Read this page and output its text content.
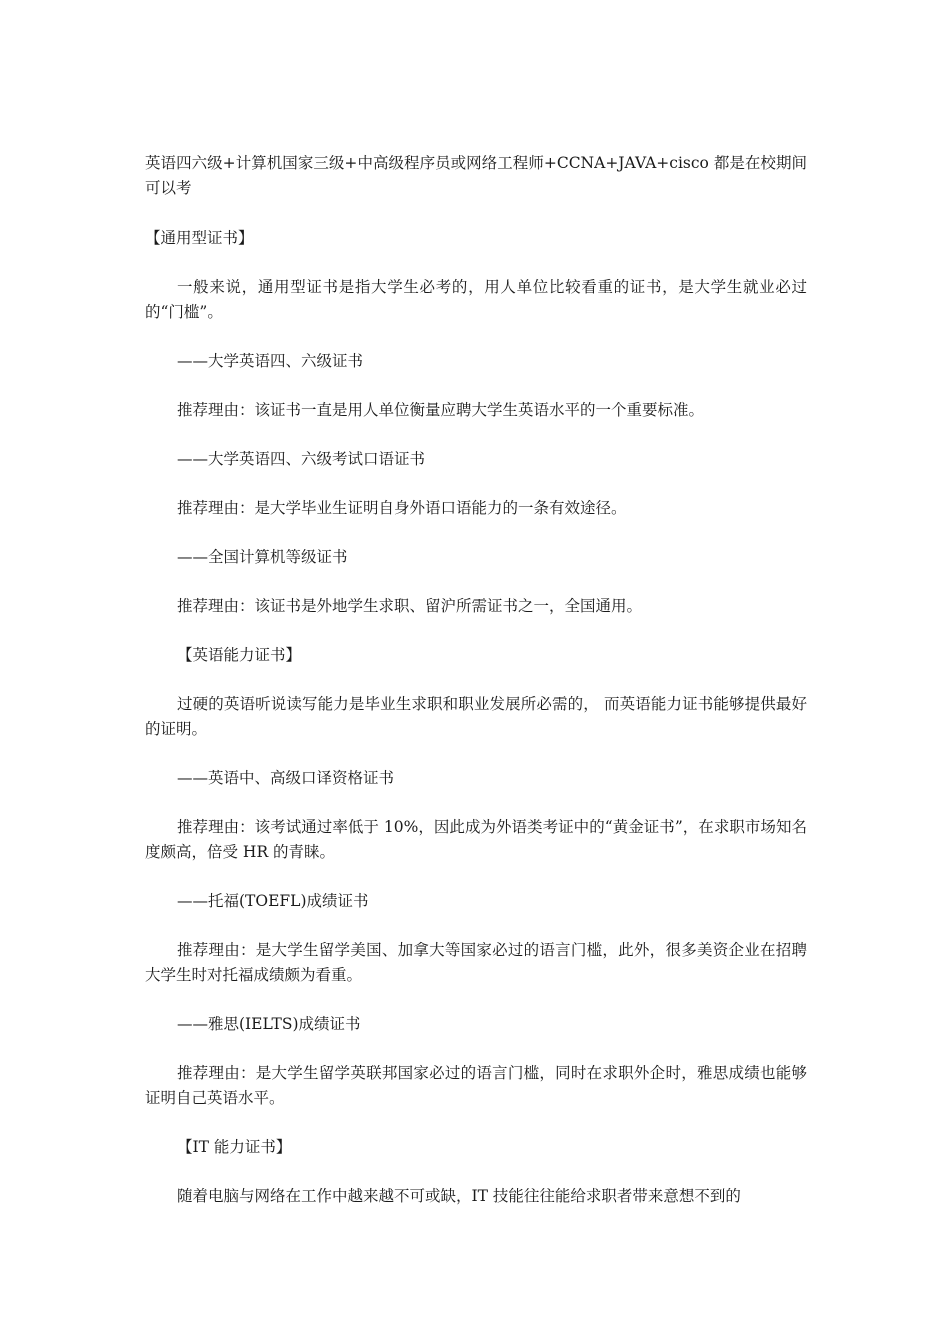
英语四六级+计算机国家三级+中高级程序员或网络工程师+CCNA+JAVA+cisco 都是在校期间可以考

【通用型证书】

一般来说，通用型证书是指大学生必考的，用人单位比较看重的证书，是大学生就业必过的“门槛”。

——大学英语四、六级证书

推荐理由：该证书一直是用人单位衡量应聘大学生英语水平的一个重要标准。

——大学英语四、六级考试口语证书

推荐理由：是大学毕业生证明自身外语口语能力的一条有效途径。

——全国计算机等级证书

推荐理由：该证书是外地学生求职、留沪所需证书之一，全国通用。

【英语能力证书】

过硬的英语听说读写能力是毕业生求职和职业发展所必需的， 而英语能力证书能够提供最好的证明。

——英语中、高级口译资格证书

推荐理由：该考试通过率低于 10%，因此成为外语类考证中的“黄金证书”，在求职市场知名度颇高，倍受 HR 的青睐。

——托福(TOEFL)成绩证书

推荐理由：是大学生留学美国、加拿大等国家必过的语言门槛，此外，很多美资企业在招聘大学生时对托福成绩颇为看重。

——雅思(IELTS)成绩证书

推荐理由：是大学生留学英联邦国家必过的语言门槛，同时在求职外企时，雅思成绩也能够证明自己英语水平。

【IT 能力证书】

随着电脑与网络在工作中越来越不可或缺，IT 技能往往能给求职者带来意想不到的
